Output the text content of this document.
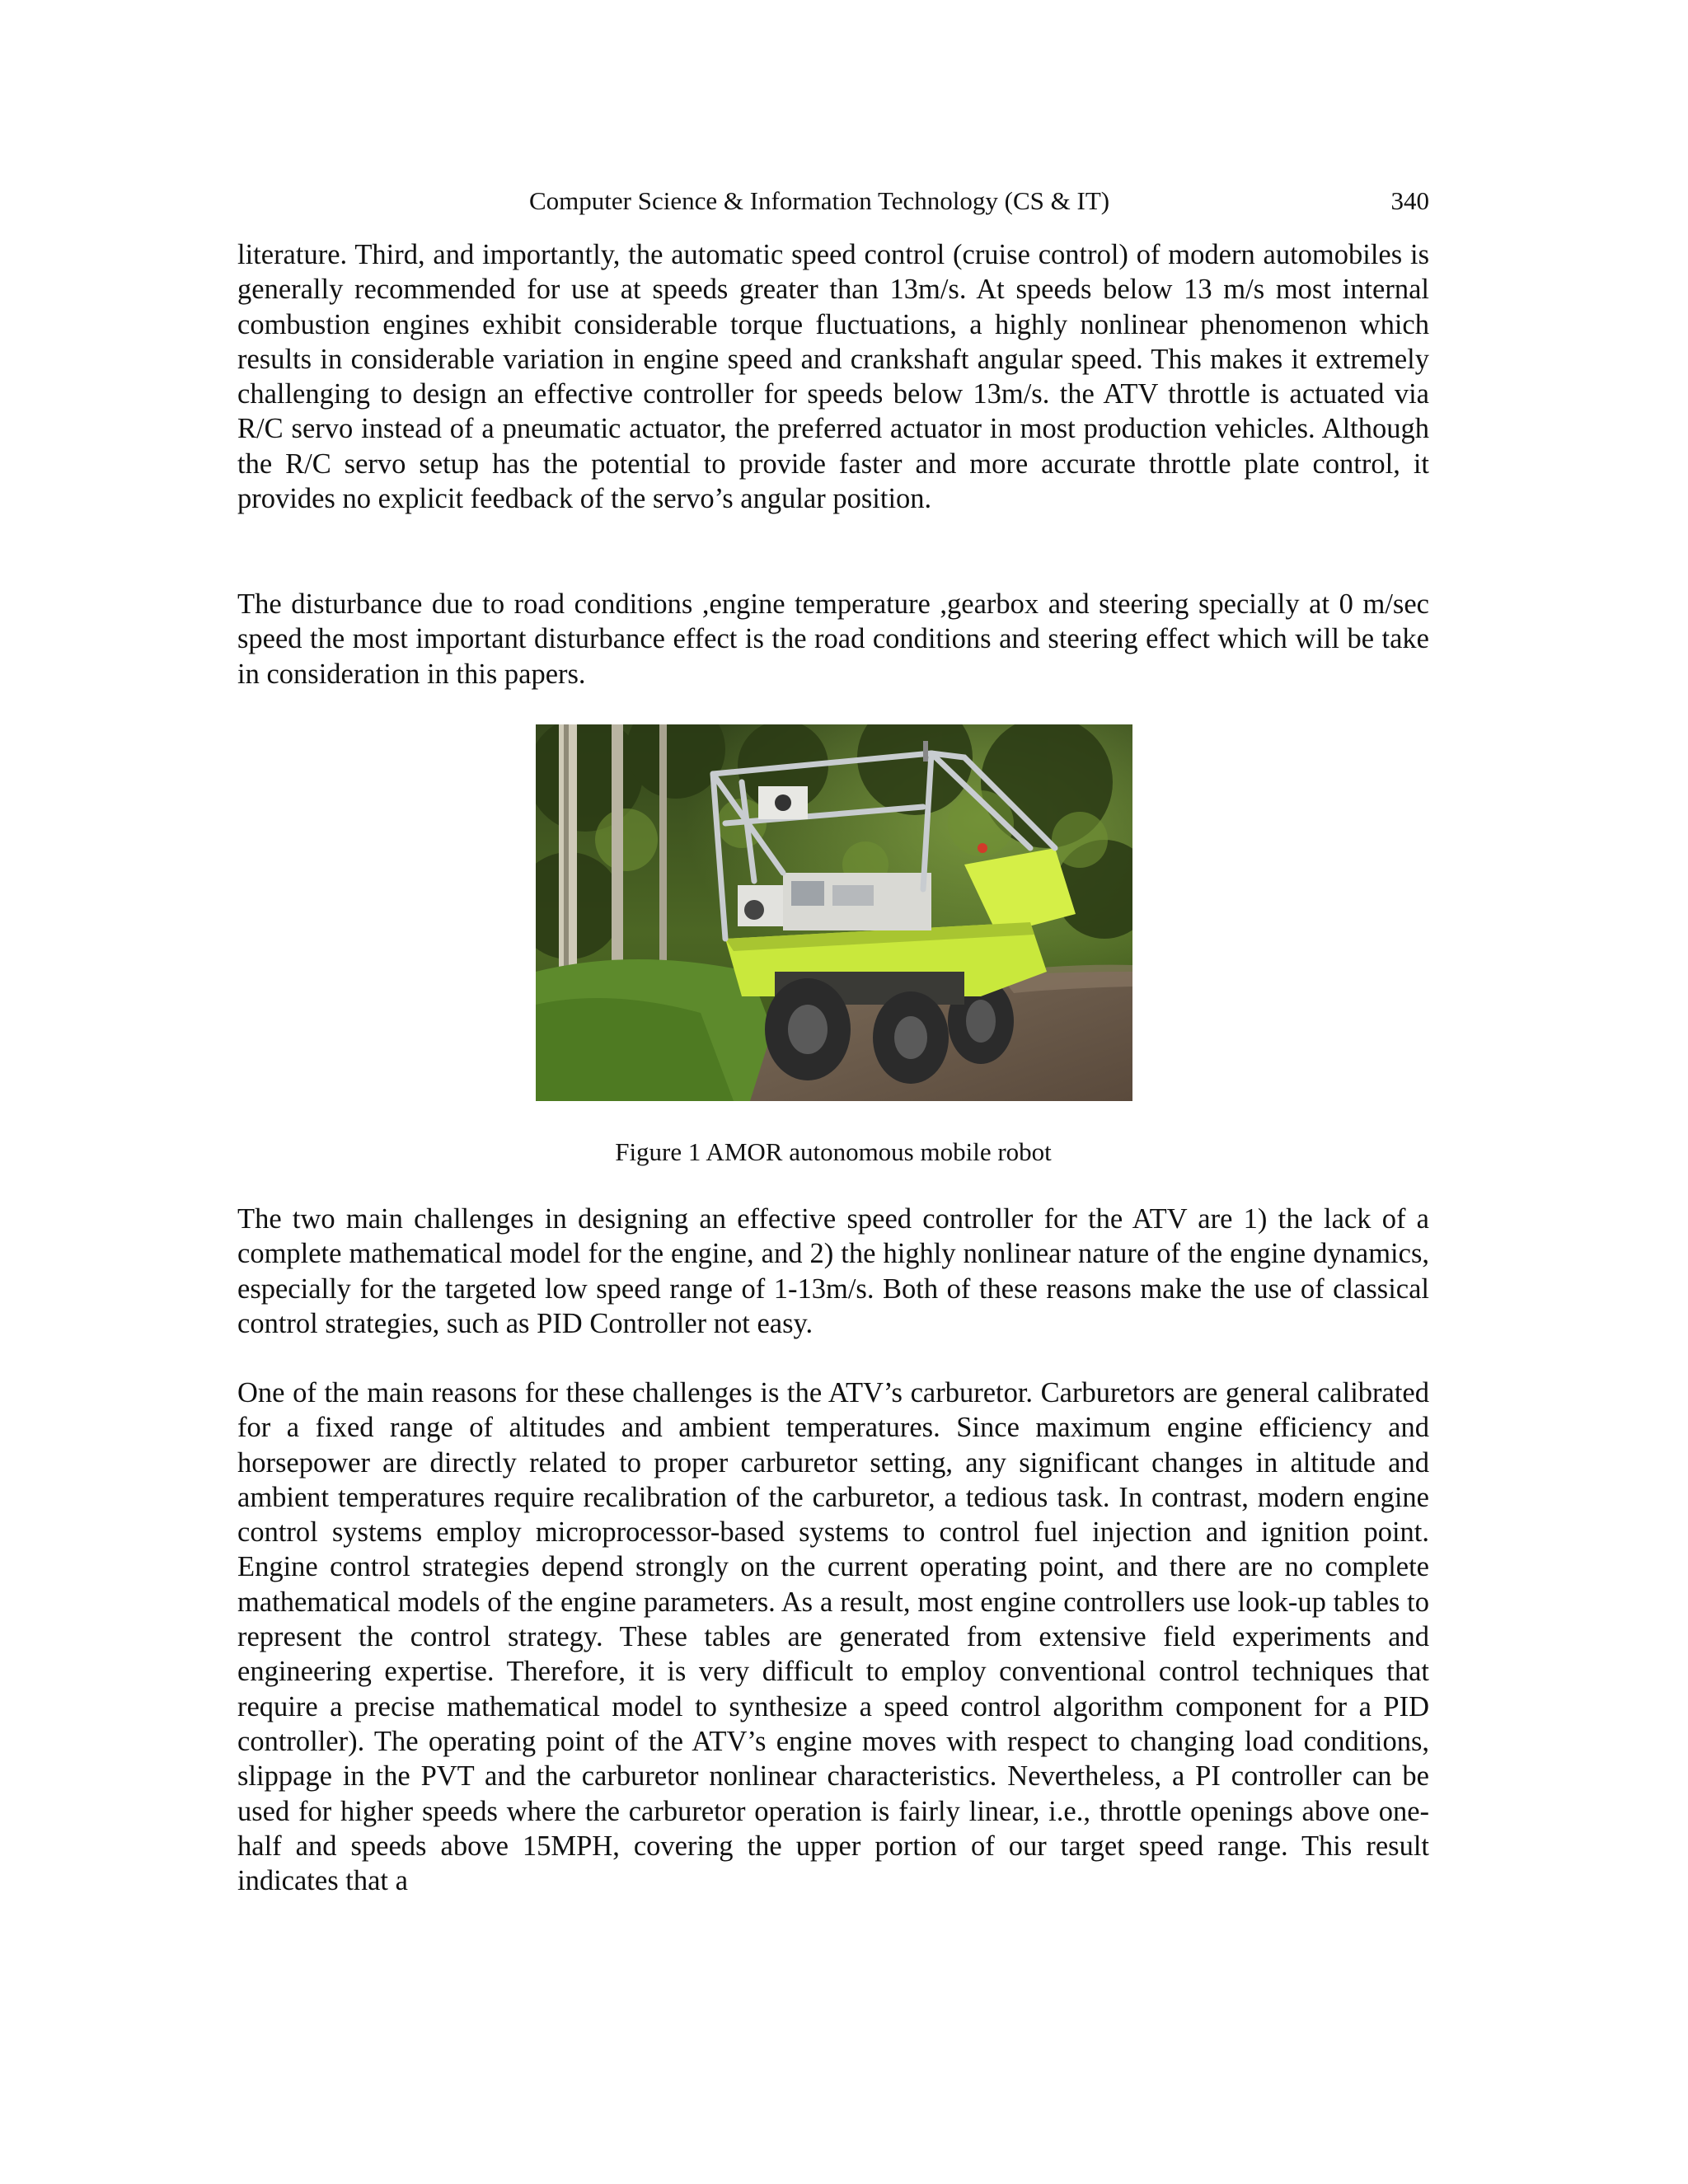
Computer Science & Information Technology (CS & IT)	340

literature. Third, and importantly, the automatic speed control (cruise control) of modern automobiles is generally recommended for use at speeds greater than 13m/s. At speeds below 13 m/s most internal combustion engines exhibit considerable torque fluctuations, a highly nonlinear phenomenon which results in considerable variation in engine speed and crankshaft angular speed. This makes it extremely challenging to design an effective controller for speeds below 13m/s. the ATV throttle is actuated via R/C servo instead of a pneumatic actuator, the preferred actuator in most production vehicles. Although the R/C servo setup has the potential to provide faster and more accurate throttle plate control, it provides no explicit feedback of the servo’s angular position.

The disturbance due to road conditions ,engine temperature ,gearbox and steering specially at 0 m/sec speed the most important disturbance effect is the road conditions and steering effect which will be take in consideration in this papers.

Figure 1 AMOR autonomous mobile robot

The two main challenges in designing an effective speed controller for the ATV are 1) the lack of a complete mathematical model for the engine, and 2) the highly nonlinear nature of the engine dynamics, especially for the targeted low speed range of 1-13m/s. Both of these reasons make the use of classical control strategies, such as PID Controller not easy.

One of the main reasons for these challenges is the ATV’s carburetor. Carburetors are general calibrated for a fixed range of altitudes and ambient temperatures. Since maximum engine efficiency and horsepower are directly related to proper carburetor setting, any significant changes in altitude and ambient temperatures require recalibration of the carburetor, a tedious task. In contrast, modern engine control systems employ microprocessor-based systems to control fuel injection and ignition point. Engine control strategies depend strongly on the current operating point, and there are no complete mathematical models of the engine parameters. As a result, most engine controllers use look-up tables to represent the control strategy. These tables are generated from extensive field experiments and engineering expertise. Therefore, it is very difficult to employ conventional control techniques that require a precise mathematical model to synthesize a speed control algorithm component for a PID controller). The operating point of the ATV’s engine moves with respect to changing load conditions, slippage in the PVT and the carburetor nonlinear characteristics. Nevertheless, a PI controller can be used for higher speeds where the carburetor operation is fairly linear, i.e., throttle openings above one-half and speeds above 15MPH, covering the upper portion of our target speed range. This result indicates that a
